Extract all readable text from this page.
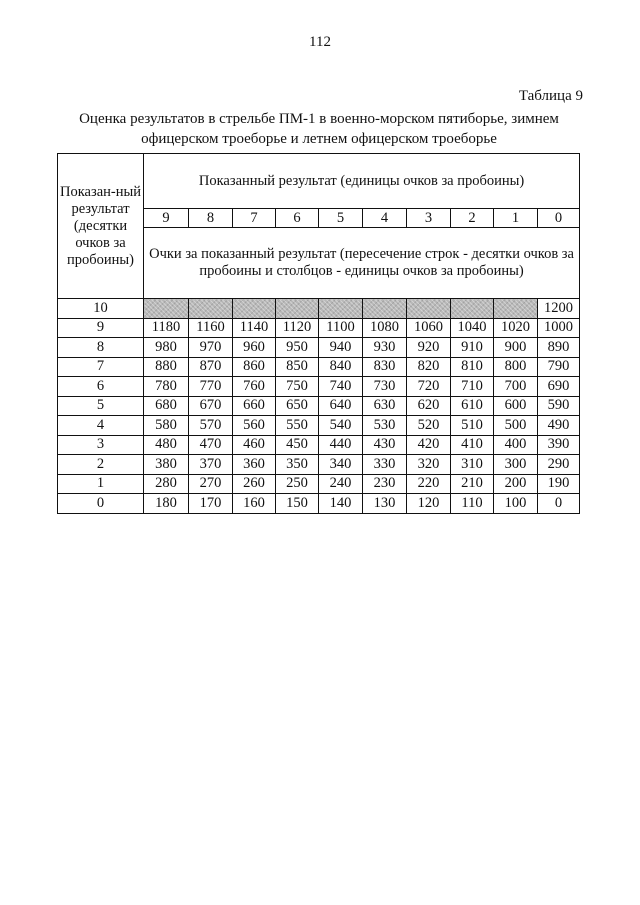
112
Таблица 9
Оценка результатов в стрельбе ПМ-1 в военно-морском пятиборье, зимнем офицерском троеборье и летнем офицерском троеборье
Показан-ный результат (десятки очков за пробоины)	Показанный результат (единицы очков за пробоины)									
	9	8	7	6	5	4	3	2	1	0
	Очки за показанный результат (пересечение строк - десятки очков за пробоины и столбцов - единицы очков за пробоины)									
10										1200
9	1180	1160	1140	1120	1100	1080	1060	1040	1020	1000
8	980	970	960	950	940	930	920	910	900	890
7	880	870	860	850	840	830	820	810	800	790
6	780	770	760	750	740	730	720	710	700	690
5	680	670	660	650	640	630	620	610	600	590
4	580	570	560	550	540	530	520	510	500	490
3	480	470	460	450	440	430	420	410	400	390
2	380	370	360	350	340	330	320	310	300	290
1	280	270	260	250	240	230	220	210	200	190
0	180	170	160	150	140	130	120	110	100	0
